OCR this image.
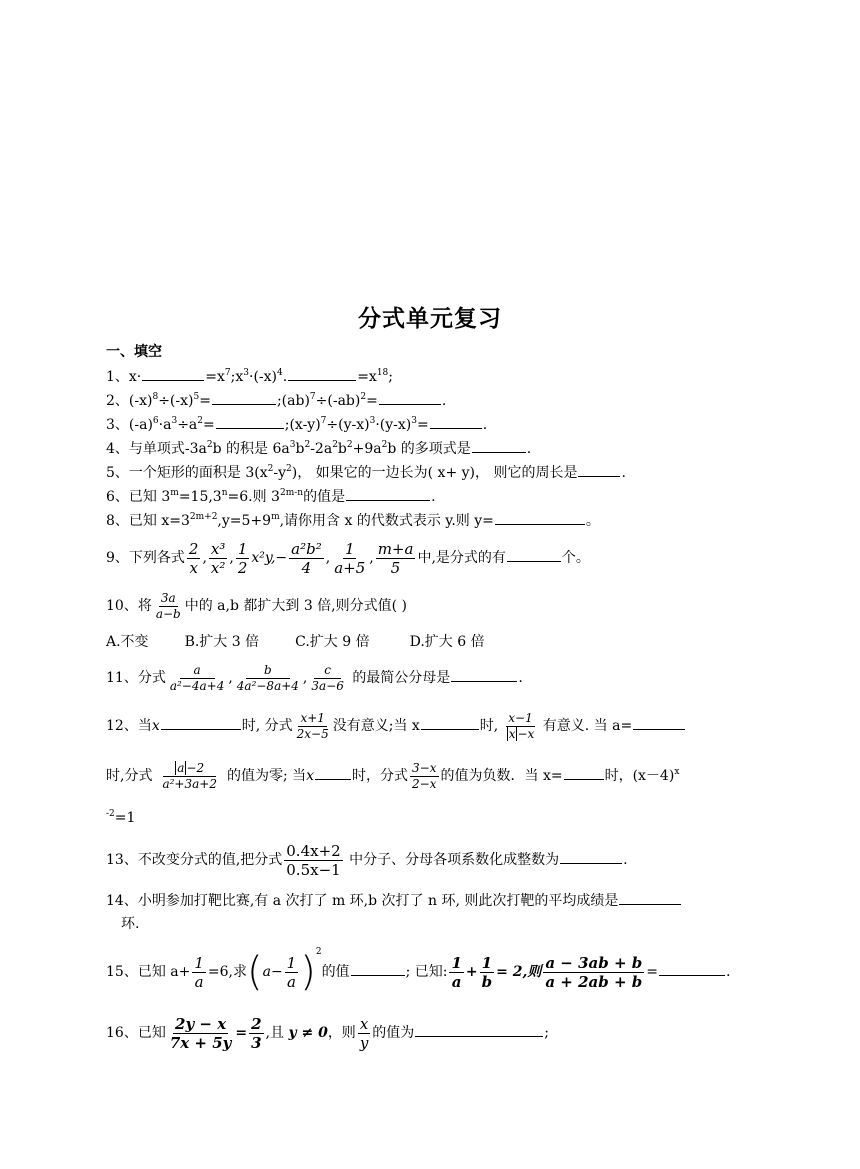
分式单元复习
一、填空
1、x·	$=x^7;x^3\cdot(-x)^4$.	$=x^{18}$;
2、$(-x)^8\div(-x)^5=$	$;(ab)^7\div(-ab)^2=$	.
3、$(-a)^6\cdot a^3\div a^2=$	$;(x-y)^7\div(y-x)^3\cdot(y-x)^3=$	.
4、与单项式$-3a^2b$ 的积是 $6a^3b^2-2a^2b^2+9a^2b$ 的多项式是	.
5、一个矩形的面积是 $3(x^2-y^2)$， 如果它的一边长为( x+ y)， 则它的周长是	.
6、已知 $3^m=15,3^n=6$.则 $3^{2m-n}$的值是	.
8、已知 $x=3^{2m+2},y=5+9^m$,请你用含 x 的代数式表示 y.则 y=	。
9、下列各式 $\frac{2}{x}$ , $\frac{\text{x³}}{\text{x²}}$ , $\frac{1}{2} x^2y,- \frac{\text{a²b²}}{4}$ , $\frac{1}{a+5}$ , $\frac{m+a}{5}$ 中,是分式的有	个。
10、将 $\frac{3a}{a-b}$ 中的 a,b 都扩大到 3 倍,则分式值( )
A.不变	B.扩大 3 倍	C.扩大 9 倍	D.扩大 6 倍
11、分式 $\frac{a}{\text{a²−4a+4}}$ , $\frac{b}{\text{4a²−8a+4}}$ , $\frac{c}{3a-6}$ 的最简公分母是	.
12、当x	时, 分式 $\frac{x+1}{2x-5}$ 没有意义;当 x	时, $\frac{x-1}{x -x}$ 有意义. 当 a=
时,分式 $\frac{a -2}{\text{a²+3a+2}}$ 的值为零; 当x	时，分式 $\frac{3-x}{2-x}$ 的值为负数．当 x=	时，$(x-4)^x$
$^{-2}$=1
13、不改变分式的值,把分式 $\frac{0.4x+2}{0.5x-1}$ 中分子、分母各项系数化成整数为	.
14、小明参加打靶比赛,有 a 次打了 m 环,b 次打了 n 环, 则此次打靶的平均成绩是
环.
15、已知 $a+ \frac{1}{a} =6$,求$(a- \frac{1}{a} )^2$的值	; 已知: $\frac{1}{a} + \frac{1}{b} = 2$,则 $\frac{a - 3ab + b}{a + 2ab + b}$ =	.
16、已知 $\frac{2y - x}{7x + 5y} = \frac{2}{3}$ ,且 y ≠ 0，则 $\frac{x}{y}$ 的值为	;
